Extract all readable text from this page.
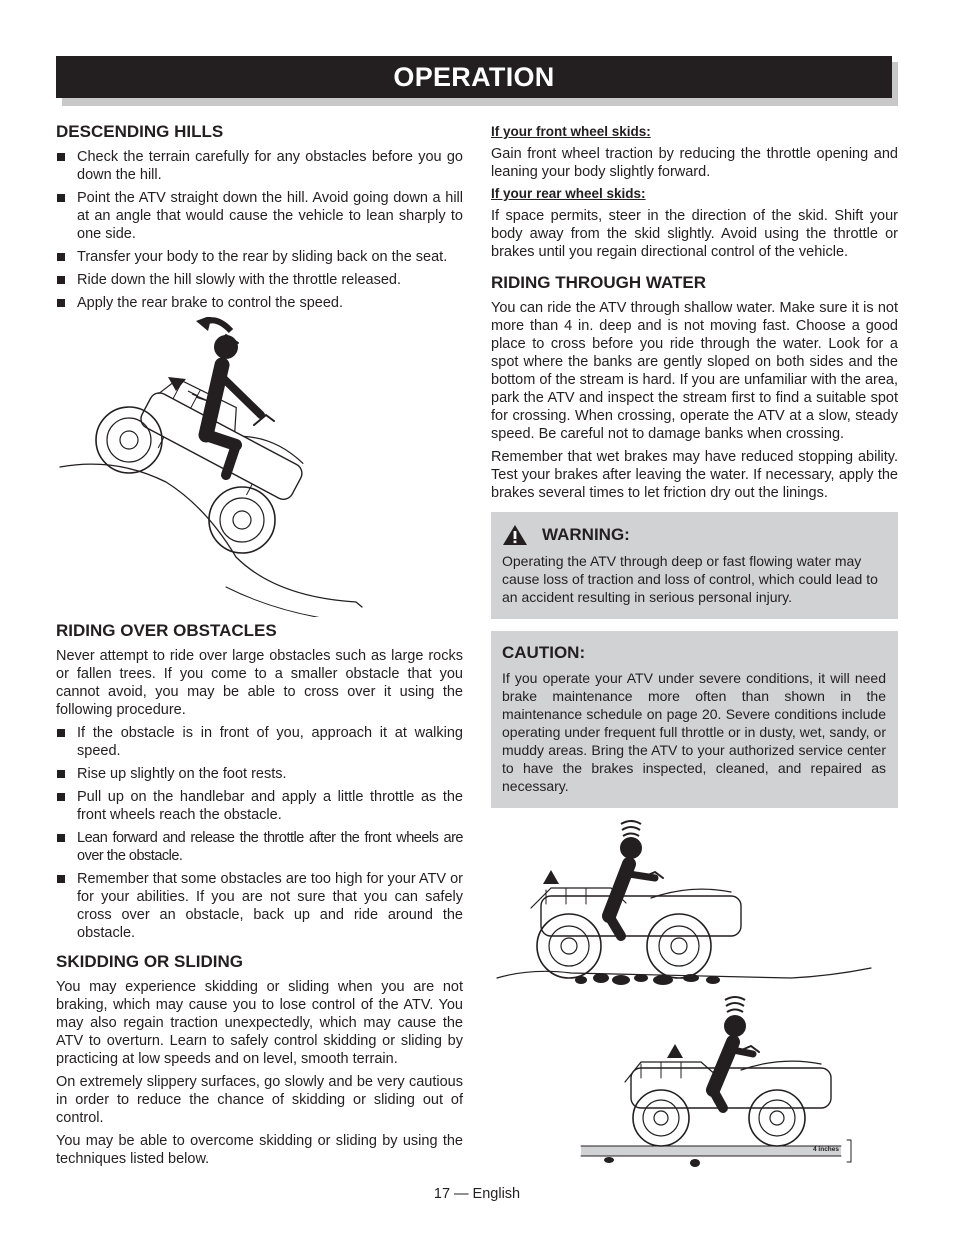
OPERATION
DESCENDING HILLS
Check the terrain carefully for any obstacles before you go down the hill.
Point the ATV straight down the hill. Avoid going down a hill at an angle that would cause the vehicle to lean sharply to one side.
Transfer your body to the rear by sliding back on the seat.
Ride down the hill slowly with the throttle released.
Apply the rear brake to control the speed.
RIDING OVER OBSTACLES

Never attempt to ride over large obstacles such as large rocks or fallen trees. If you come to a smaller obstacle that you cannot avoid, you may be able to cross over it using the following procedure.

If the obstacle is in front of you, approach it at walking speed.
Rise up slightly on the foot rests.
Pull up on the handlebar and apply a little throttle as the front wheels reach the obstacle.
Lean forward and release the throttle after the front wheels are over the obstacle.
Remember that some obstacles are too high for your ATV or for your abilities. If you are not sure that you can safely cross over an obstacle, back up and ride around the obstacle.
SKIDDING OR SLIDING

You may experience skidding or sliding when you are not braking, which may cause you to lose control of the ATV. You may also regain traction unexpectedly, which may cause the ATV to overturn. Learn to safely control skidding or sliding by practicing at low speeds and on level, smooth terrain.

On extremely slippery surfaces, go slowly and be very cautious in order to reduce the chance of skidding or sliding out of control.

You may be able to overcome skidding or sliding by using the techniques listed below.

If your front wheel skids:

Gain front wheel traction by reducing the throttle opening and leaning your body slightly forward.

If your rear wheel skids:

If space permits, steer in the direction of the skid. Shift your body away from the skid slightly. Avoid using the throttle or brakes until you regain directional control of the vehicle.

RIDING THROUGH WATER

You can ride the ATV through shallow water. Make sure it is not more than 4 in. deep and is not moving fast. Choose a good place to cross before you ride through the water. Look for a spot where the banks are gently sloped on both sides and the bottom of the stream is hard. If you are unfamiliar with the area, park the ATV and inspect the stream first to find a suitable spot for crossing. When crossing, operate the ATV at a slow, steady speed. Be careful not to damage banks when crossing.

Remember that wet brakes may have reduced stopping ability. Test your brakes after leaving the water. If necessary, apply the brakes several times to let friction dry out the linings.

WARNING:

Operating the ATV through deep or fast flowing water may cause loss of traction and loss of control, which could lead to an accident resulting in serious personal injury.

CAUTION:

If you operate your ATV under severe conditions, it will need brake maintenance more often than shown in the maintenance schedule on page 20. Severe conditions include operating under frequent full throttle or in dusty, wet, sandy, or muddy areas. Bring the ATV to your authorized service center to have the brakes inspected, cleaned, and repaired as necessary.

4 inches
17 — English
